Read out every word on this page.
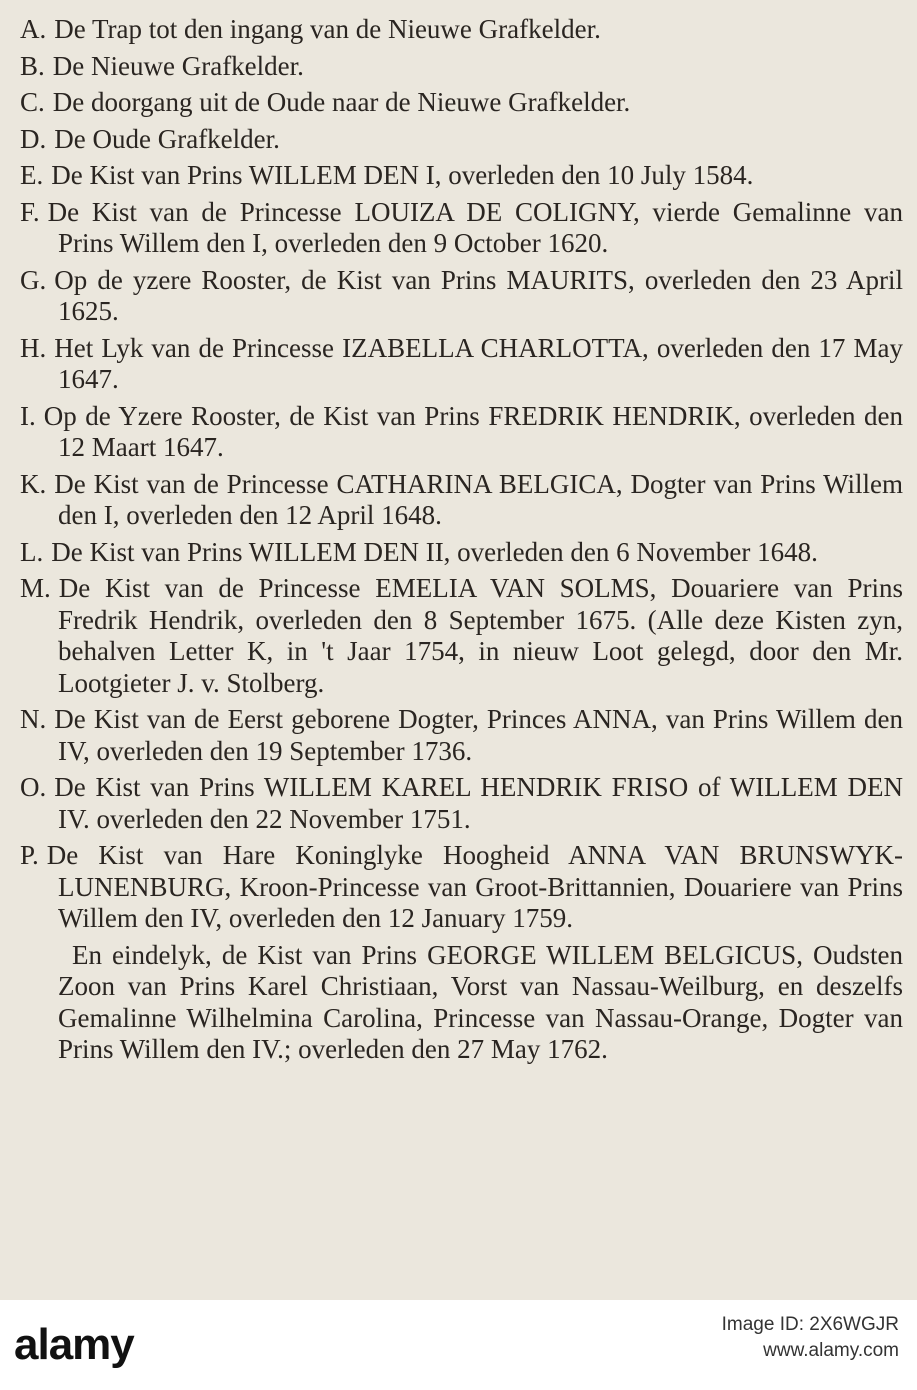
A. De Trap tot den ingang van de Nieuwe Grafkelder.

B. De Nieuwe Grafkelder.

C. De doorgang uit de Oude naar de Nieuwe Grafkelder.

D. De Oude Grafkelder.

E. De Kist van Prins WILLEM DEN I, overleden den 10 July 1584.

F. De Kist van de Princesse LOUIZA DE COLIGNY, vierde Gemalinne van Prins Willem den I, overleden den 9 October 1620.

G. Op de yzere Rooster, de Kist van Prins MAURITS, overleden den 23 April 1625.

H. Het Lyk van de Princesse IZABELLA CHARLOTTA, overleden den 17 May 1647.

I. Op de Yzere Rooster, de Kist van Prins FREDRIK HENDRIK, overleden den 12 Maart 1647.

K. De Kist van de Princesse CATHARINA BELGICA, Dogter van Prins Willem den I, overleden den 12 April 1648.

L. De Kist van Prins WILLEM DEN II, overleden den 6 November 1648.

M. De Kist van de Princesse EMELIA VAN SOLMS, Douariere van Prins Fredrik Hendrik, overleden den 8 September 1675. (Alle deze Kisten zyn, behalven Letter K, in 't Jaar 1754, in nieuw Loot gelegd, door den Mr. Lootgieter J. v. Stolberg.

N. De Kist van de Eerst geborene Dogter, Princes ANNA, van Prins Willem den IV, overleden den 19 September 1736.

O. De Kist van Prins WILLEM KAREL HENDRIK FRISO of WILLEM DEN IV. overleden den 22 November 1751.

P. De Kist van Hare Koninglyke Hoogheid ANNA VAN BRUNSWYK-LUNENBURG, Kroon-Princesse van Groot-Brittannien, Douariere van Prins Willem den IV, overleden den 12 January 1759.

En eindelyk, de Kist van Prins GEORGE WILLEM BELGICUS, Oudsten Zoon van Prins Karel Christiaan, Vorst van Nassau-Weilburg, en deszelfs Gemalinne Wilhelmina Carolina, Princesse van Nassau-Orange, Dogter van Prins Willem den IV.; overleden den 27 May 1762.

alamy	Image ID: 2X6WGJR
www.alamy.com
